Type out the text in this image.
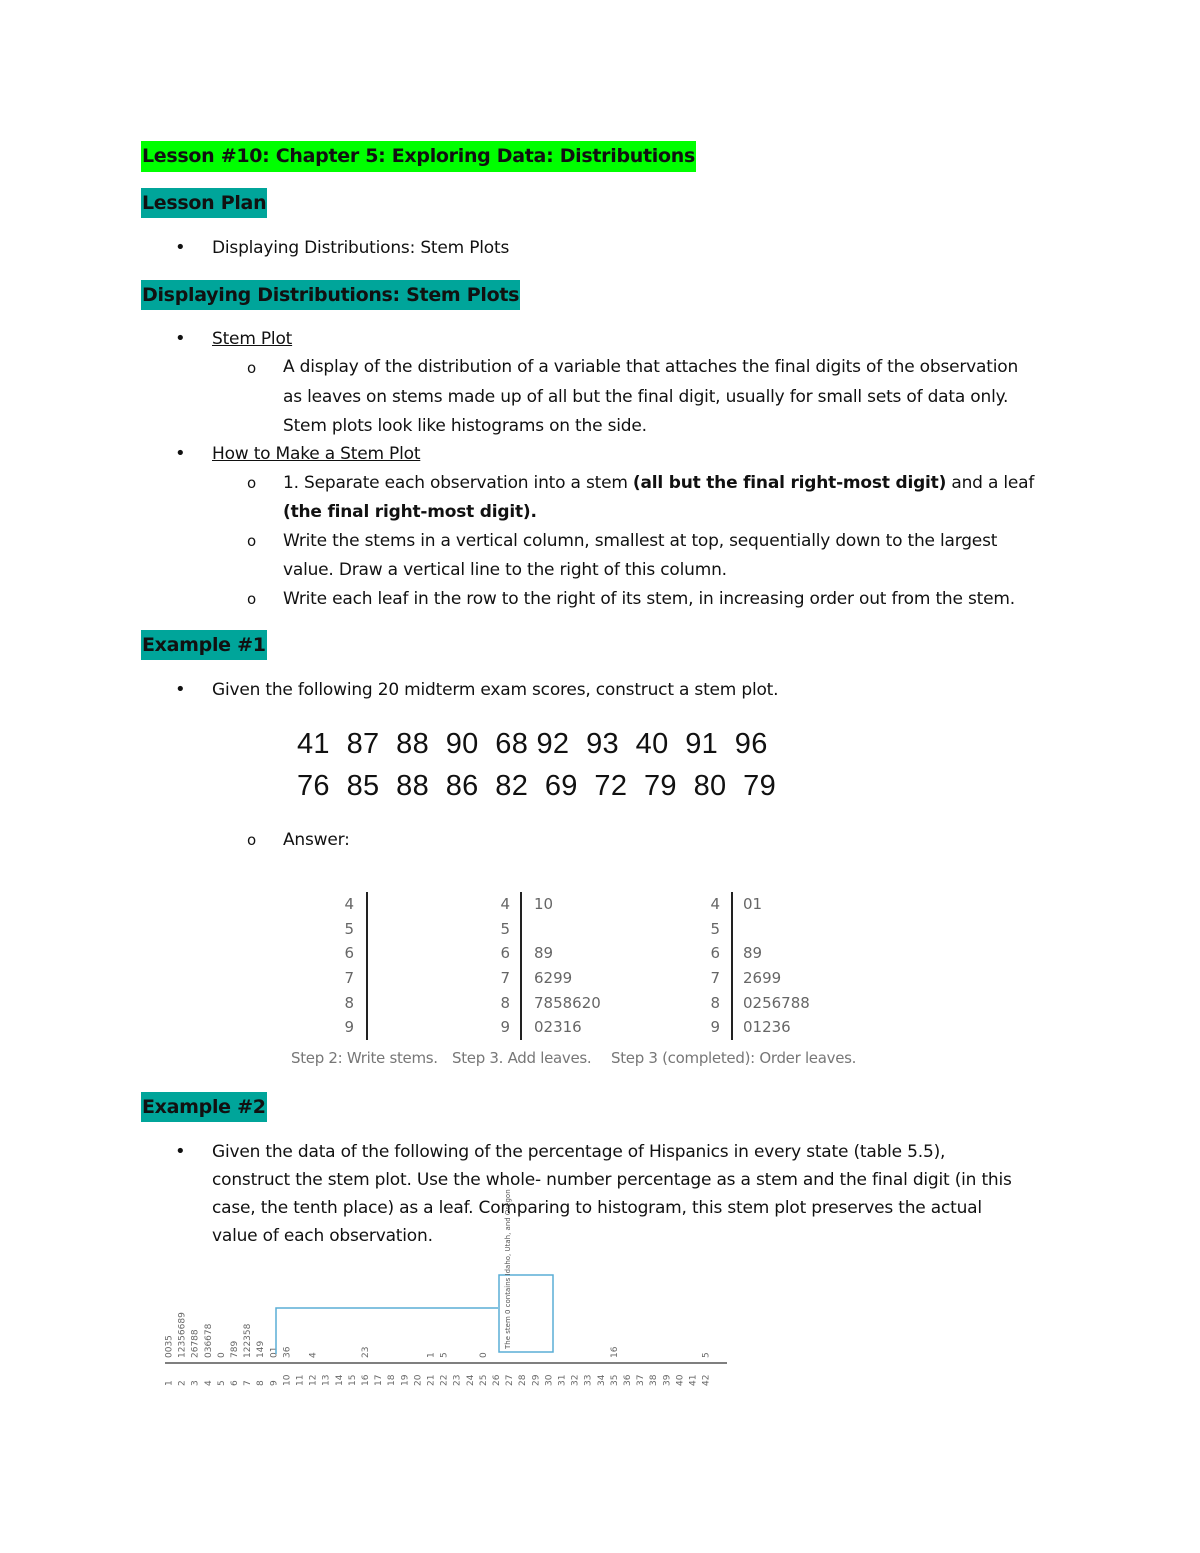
Lesson #10: Chapter 5: Exploring Data: Distributions
Lesson Plan
• Displaying Distributions: Stem Plots
Displaying Distributions: Stem Plots
• Stem Plot
o A display of the distribution of a variable that attaches the final digits of the observation
as leaves on stems made up of all but the final digit, usually for small sets of data only.
Stem plots look like histograms on the side.
• How to Make a Stem Plot
o 1. Separate each observation into a stem (all but the final right-most digit) and a leaf
(the final right-most digit).
o Write the stems in a vertical column, smallest at top, sequentially down to the largest
value. Draw a vertical line to the right of this column.
o Write each leaf in the row to the right of its stem, in increasing order out from the stem.
Example #1
• Given the following 20 midterm exam scores, construct a stem plot.
41  87  88  90  68 92  93  40  91  96
76  85  88  86  82  69  72  79  80  79
o Answer:
4
5
6
7
8
9
4 10
5
6 89
7 6299
8 7858620
9 02316
4 01
5
6 89
7 2699
8 0256788
9 01236
Step 2: Write stems. Step 3. Add leaves. Step 3 (completed): Order leaves.
Example #2
• Given the data of the following of the percentage of Hispanics in every state (table 5.5),
construct the stem plot. Use the whole- number percentage as a stem and the final digit (in this
case, the tenth place) as a leaf. Comparing to histogram, this stem plot preserves the actual
value of each observation.
1
0035
2
12356689
3
26788
4
036678
5
0
6
789
7
122358
8
149
9
01
10
36
11 12
4
13 14 15 16
23
17 18 19 20 21
1
22
5
23 24 25
0
26 27 28 29 30 31 32 33 34 35
16
36 37 38 39 40 41 42
5
The stem 0 contains Idaho, Utah, and Oregon
